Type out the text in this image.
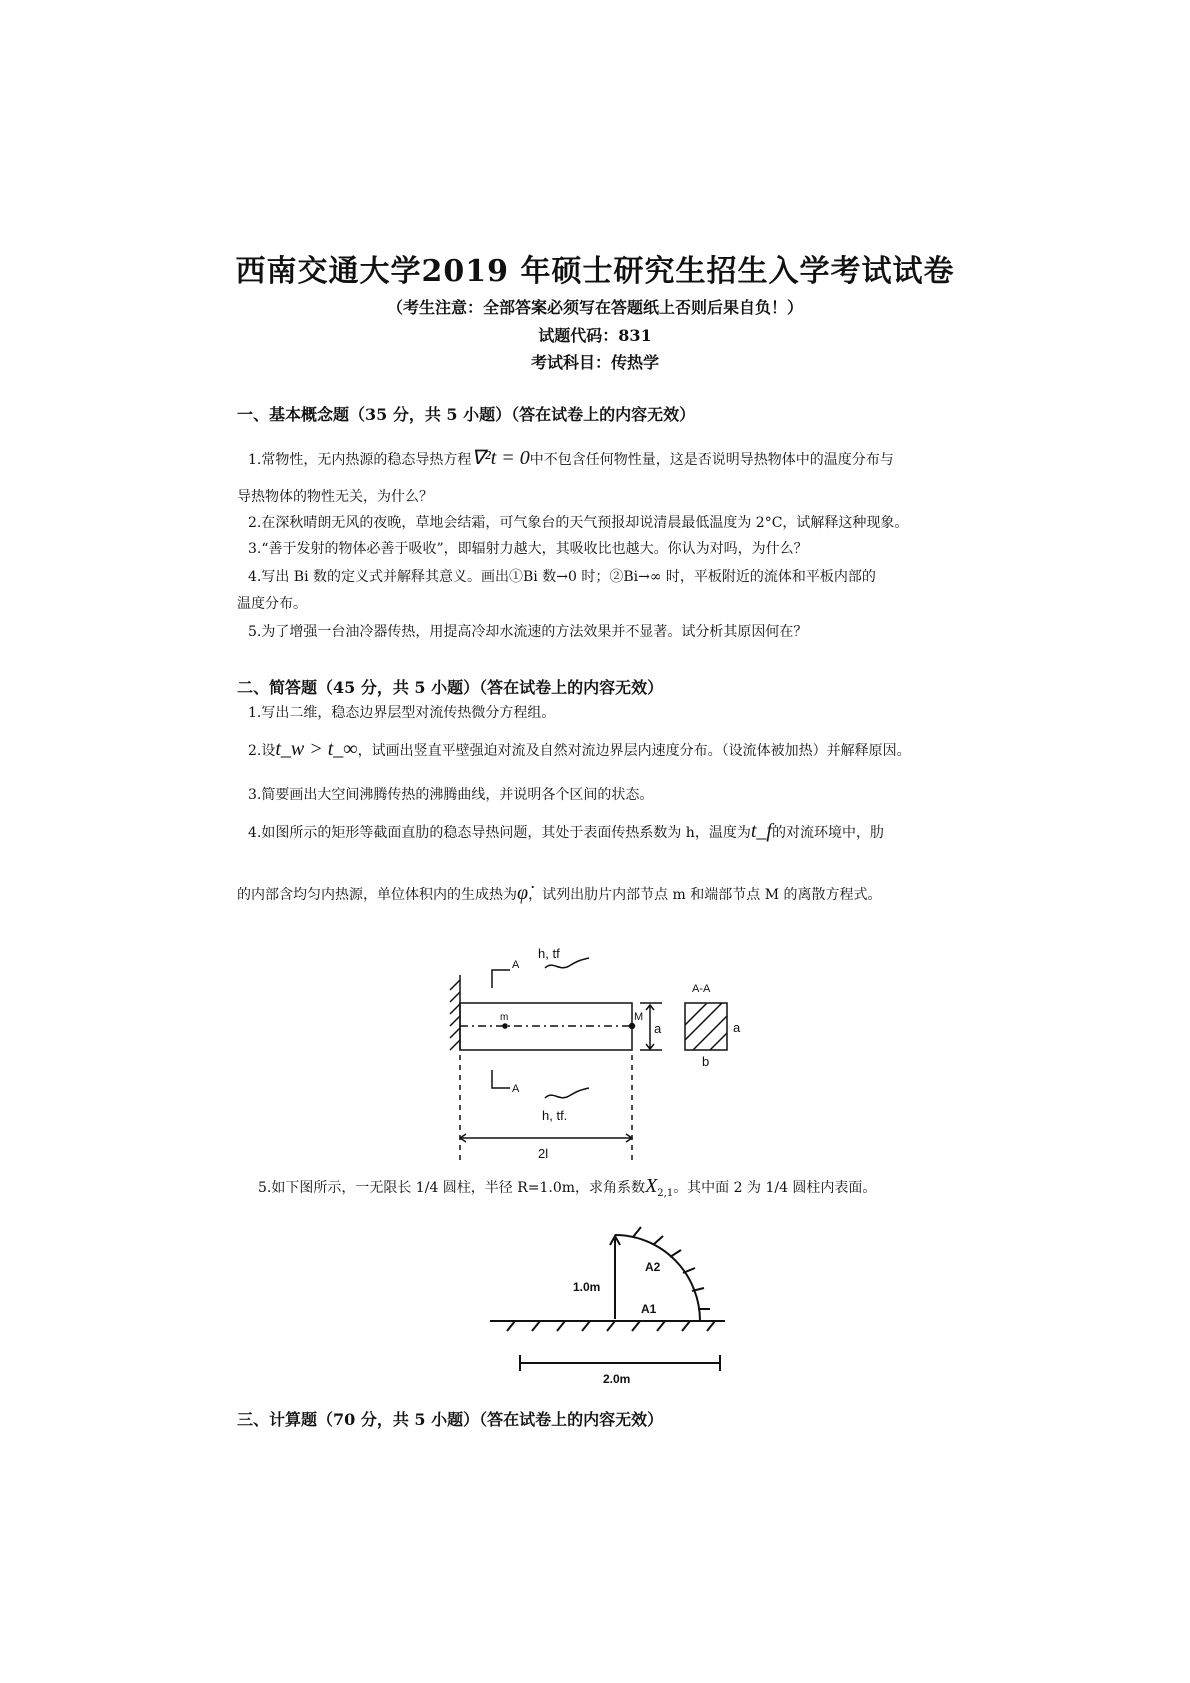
西南交通大学2019 年硕士研究生招生入学考试试卷
（考生注意：全部答案必须写在答题纸上否则后果自负！）
试题代码：831
考试科目：传热学
一、基本概念题（35 分，共 5 小题）（答在试卷上的内容无效）
1.常物性，无内热源的稳态导热方程∇²t = 0中不包含任何物性量，这是否说明导热物体中的温度分布与
导热物体的物性无关，为什么？
2.在深秋晴朗无风的夜晚，草地会结霜，可气象台的天气预报却说清晨最低温度为 2°C，试解释这种现象。
3.“善于发射的物体必善于吸收”，即辐射力越大，其吸收比也越大。你认为对吗，为什么？
4.写出 Bi 数的定义式并解释其意义。画出①Bi 数→0 时；②Bi→∞ 时，平板附近的流体和平板内部的
温度分布。
5.为了增强一台油冷器传热，用提高冷却水流速的方法效果并不显著。试分析其原因何在？
二、简答题（45 分，共 5 小题）（答在试卷上的内容无效）
1.写出二维，稳态边界层型对流传热微分方程组。
2.设t_w > t_∞，试画出竖直平壁强迫对流及自然对流边界层内速度分布。（设流体被加热）并解释原因。
3.简要画出大空间沸腾传热的沸腾曲线，并说明各个区间的状态。
4.如图所示的矩形等截面直肋的稳态导热问题，其处于表面传热系数为 h，温度为t_f的对流环境中，肋
的内部含均匀内热源，单位体积内的生成热为φ̇，试列出肋片内部节点 m 和端部节点 M 的离散方程式。
h, tf
h, tf.
m	M
a
2l
A-A
a
b
A
A
5.如下图所示，一无限长 1/4 圆柱，半径 R=1.0m，求角系数$X_{2,1}$。其中面 2 为 1/4 圆柱内表面。
1.0m
A1
A2
2.0m
三、计算题（70 分，共 5 小题）（答在试卷上的内容无效）
